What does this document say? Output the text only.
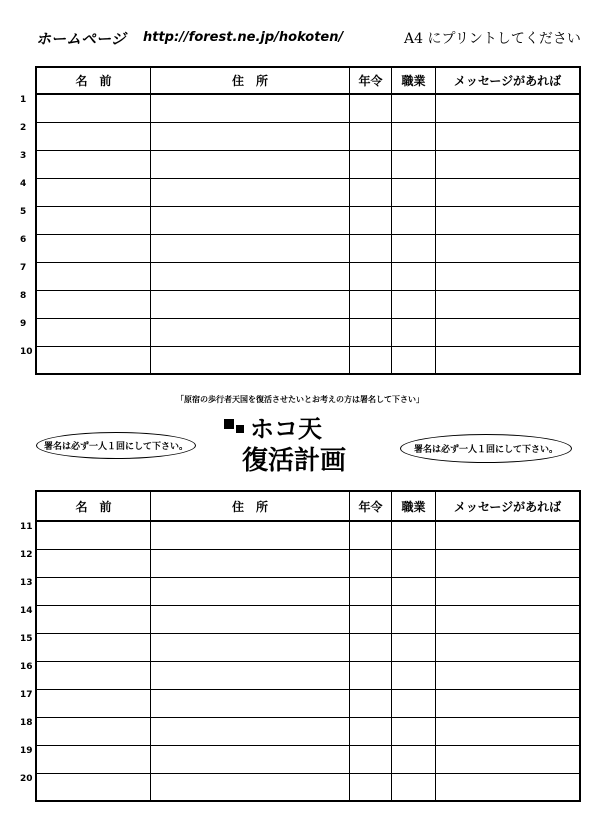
ホームページ http://forest.ne.jp/hokoten/	A4 にプリントしてください
名　前	住　所	年令	職業	メッセージがあれば

1
2
3
4
5
6
7
8
9
10
「原宿の歩行者天国を復活させたいとお考えの方は署名して下さい」
署名は必ず一人１回にして下さい。
ホコ天
復活計画	署名は必ず一人１回にして下さい。
名　前	住　所	年令	職業	メッセージがあれば

11
12
13
14
15
16
17
18
19
20
